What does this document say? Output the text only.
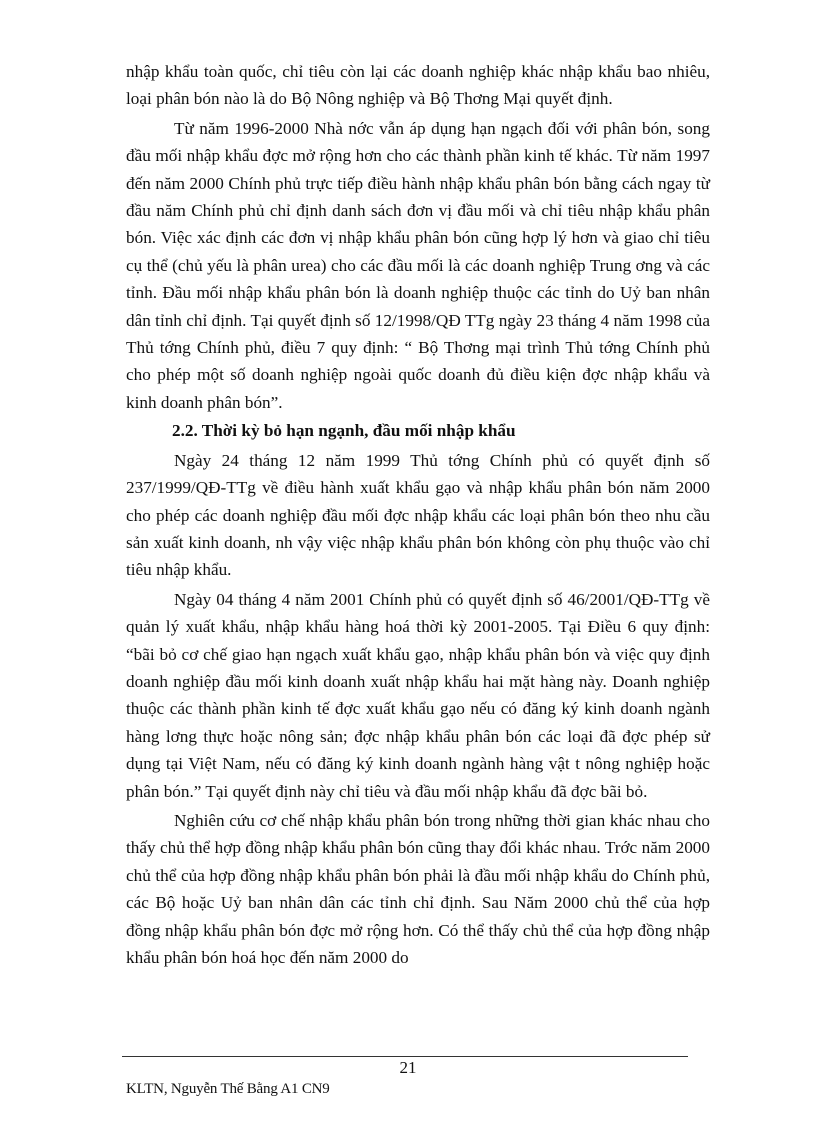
nhập khẩu toàn quốc, chỉ tiêu còn lại các doanh nghiệp khác nhập khẩu bao nhiêu, loại phân bón nào là do Bộ Nông nghiệp và Bộ Thơng Mại quyết định.

Từ năm 1996-2000 Nhà nớc vẫn áp dụng hạn ngạch đối với phân bón, song đầu mối nhập khẩu đợc mở rộng hơn cho các thành phần kinh tế khác. Từ năm 1997 đến năm 2000 Chính phủ trực tiếp điều hành nhập khẩu phân bón bằng cách ngay từ đầu năm Chính phủ chỉ định danh sách đơn vị đầu mối và chỉ tiêu nhập khẩu phân bón. Việc xác định các đơn vị nhập khẩu phân bón cũng hợp lý hơn và giao chỉ tiêu cụ thể (chủ yếu là phân urea) cho các đầu mối là các doanh nghiệp Trung ơng và các tỉnh. Đầu mối nhập khẩu phân bón là doanh nghiệp thuộc các tỉnh do Uỷ ban nhân dân tỉnh chỉ định. Tại quyết định số 12/1998/QĐ TTg ngày 23 tháng 4 năm 1998 của Thủ tớng Chính phủ, điều 7 quy định: “ Bộ Thơng mại trình Thủ tớng Chính phủ cho phép một số doanh nghiệp ngoài quốc doanh đủ điều kiện đợc nhập khẩu và kinh doanh phân bón”.

2.2. Thời kỳ bỏ hạn ngạnh, đầu mối nhập khẩu

Ngày 24 tháng 12 năm 1999 Thủ tớng Chính phủ có quyết định số 237/1999/QĐ-TTg về điều hành xuất khẩu gạo và nhập khẩu phân bón năm 2000 cho phép các doanh nghiệp đầu mối đợc nhập khẩu các loại phân bón theo nhu cầu sản xuất kinh doanh, nh vậy việc nhập khẩu phân bón không còn phụ thuộc vào chỉ tiêu nhập khẩu.

Ngày 04 tháng 4 năm 2001 Chính phủ có quyết định số 46/2001/QĐ-TTg về quản lý xuất khẩu, nhập khẩu hàng hoá thời kỳ 2001-2005. Tại Điều 6 quy định: “bãi bỏ cơ chế giao hạn ngạch xuất khẩu gạo, nhập khẩu phân bón và việc quy định doanh nghiệp đầu mối kinh doanh xuất nhập khẩu hai mặt hàng này. Doanh nghiệp thuộc các thành phần kinh tế đợc xuất khẩu gạo nếu có đăng ký kinh doanh ngành hàng lơng thực hoặc nông sản; đợc nhập khẩu phân bón các loại đã đợc phép sử dụng tại Việt Nam, nếu có đăng ký kinh doanh ngành hàng vật t nông nghiệp hoặc phân bón.” Tại quyết định này chỉ tiêu và đầu mối nhập khẩu đã đợc bãi bỏ.

Nghiên cứu cơ chế nhập khẩu phân bón trong những thời gian khác nhau cho thấy chủ thể hợp đồng nhập khẩu phân bón cũng thay đổi khác nhau. Trớc năm 2000 chủ thể của hợp đồng nhập khẩu phân bón phải là đầu mối nhập khẩu do Chính phủ, các Bộ hoặc Uỷ ban nhân dân các tỉnh chỉ định. Sau Năm 2000 chủ thể của hợp đồng nhập khẩu phân bón đợc mở rộng hơn. Có thể thấy chủ thể của hợp đồng nhập khẩu phân bón hoá học đến năm 2000 do

21
KLTN, Nguyễn Thế Bằng A1 CN9
